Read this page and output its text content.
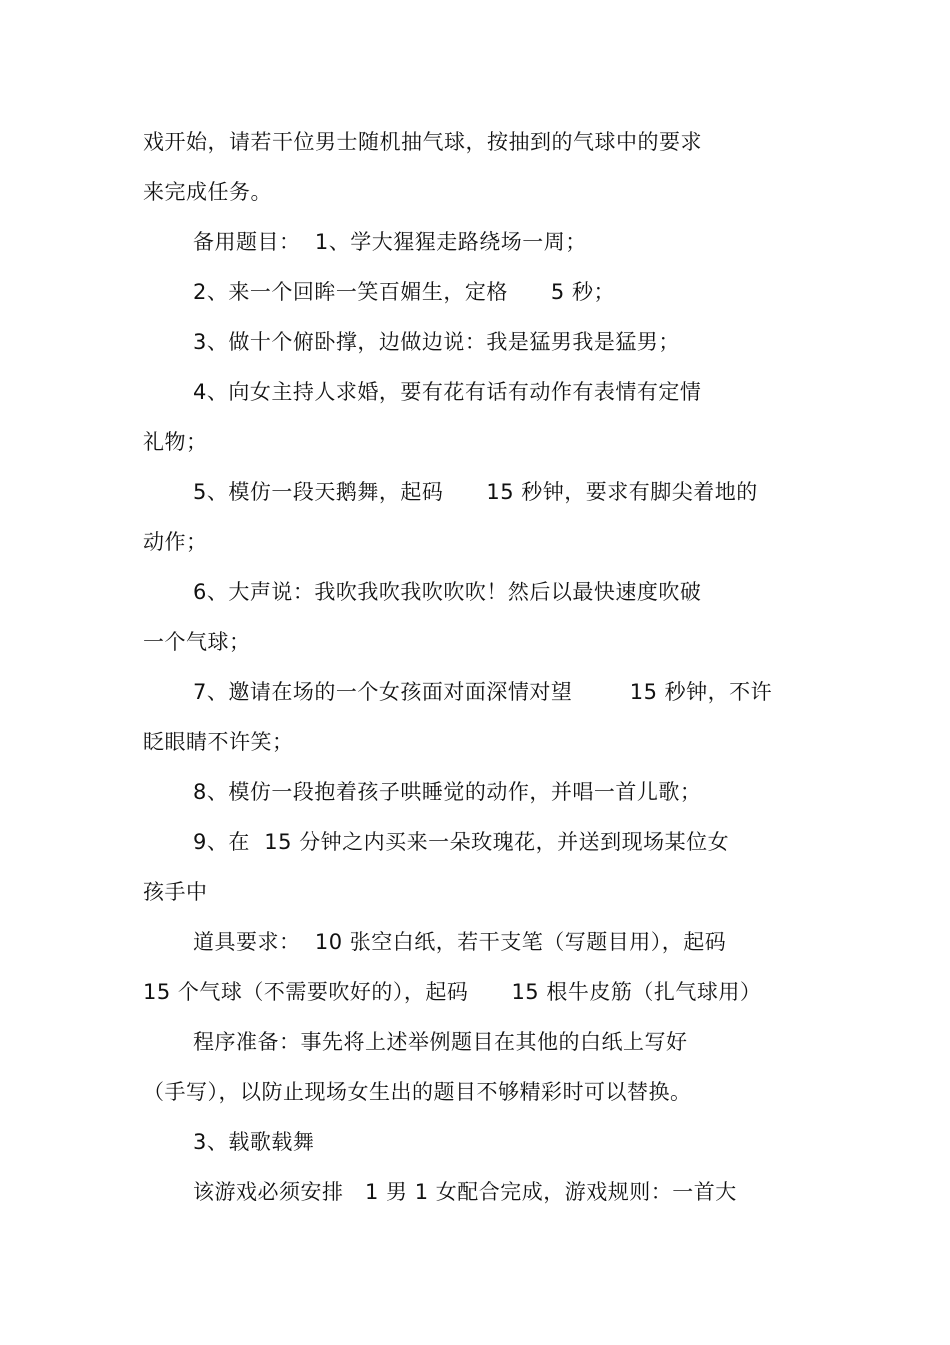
戏开始，请若干位男士随机抽气球，按抽到的气球中的要求
来完成任务。
备用题目：  1、学大猩猩走路绕场一周；
2、来一个回眸一笑百媚生，定格      5 秒；
3、做十个俯卧撑，边做边说：我是猛男我是猛男；
4、向女主持人求婚，要有花有话有动作有表情有定情
礼物；
5、模仿一段天鹅舞，起码      15 秒钟，要求有脚尖着地的
动作；
6、大声说：我吹我吹我吹吹吹！然后以最快速度吹破
一个气球；
7、邀请在场的一个女孩面对面深情对望        15 秒钟，不许
眨眼睛不许笑；
8、模仿一段抱着孩子哄睡觉的动作，并唱一首儿歌；
9、在  15 分钟之内买来一朵玫瑰花，并送到现场某位女
孩手中
道具要求：  10 张空白纸，若干支笔（写题目用），起码
15 个气球（不需要吹好的），起码      15 根牛皮筋（扎气球用）
程序准备：事先将上述举例题目在其他的白纸上写好
（手写），以防止现场女生出的题目不够精彩时可以替换。
3、载歌载舞
该游戏必须安排   1 男 1 女配合完成，游戏规则：一首大
